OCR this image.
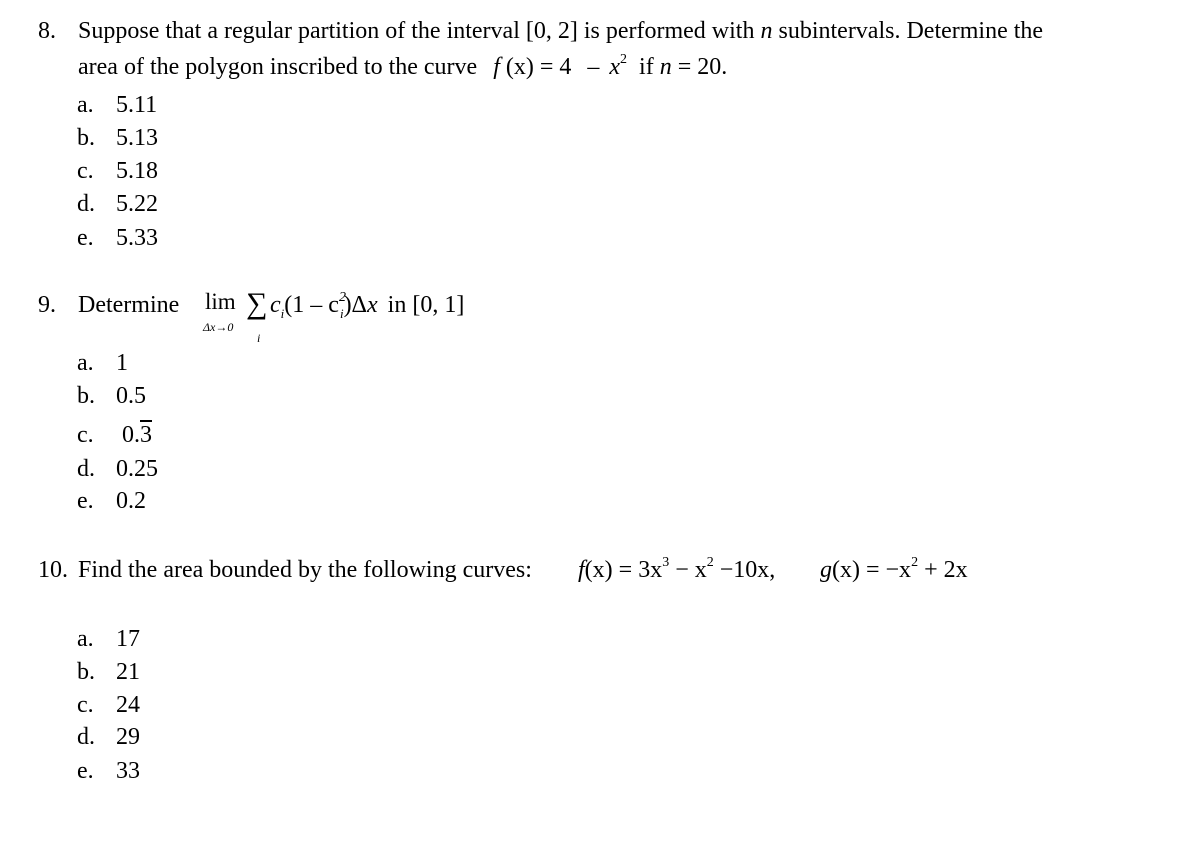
8. Suppose that a regular partition of the interval [0, 2] is performed with n subintervals. Determine the
area of the polygon inscribed to the curve f $(x) = 4 - x^2$ if n = 20.
a. 5.11
b. 5.13
c. 5.18
d. 5.22
e. 5.33
9. Determine lim
Δx→0
∑
i
$c_i(1 - c^2_i)\Delta x$ in [0, 1]
a. 1
b. 0.5
c. 0.3
d. 0.25
e. 0.2
10. Find the area bounded by the following curves: $f(x) = 3x^3 - x^2 -10x$, $g(x) = -x^2 + 2x$
a. 17
b. 21
c. 24
d. 29
e. 33
